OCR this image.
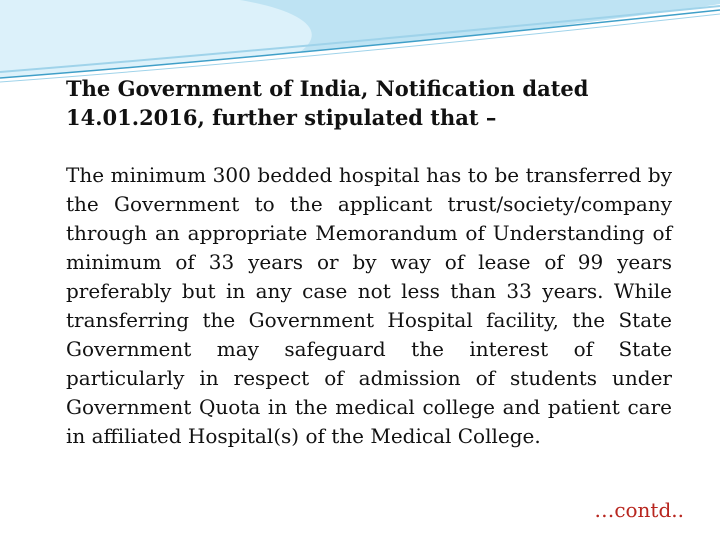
The Government of India, Notification dated 14.01.2016, further stipulated that –

The minimum 300 bedded hospital has to be transferred by the Government to the applicant trust/society/company through an appropriate Memorandum of Understanding of minimum of 33 years or by way of lease of 99 years preferably but in any case not less than 33 years. While transferring the Government Hospital facility, the State Government may safeguard the interest of State particularly in respect of admission of students under Government Quota in the medical college and patient care in affiliated Hospital(s) of the Medical College.

…contd..
